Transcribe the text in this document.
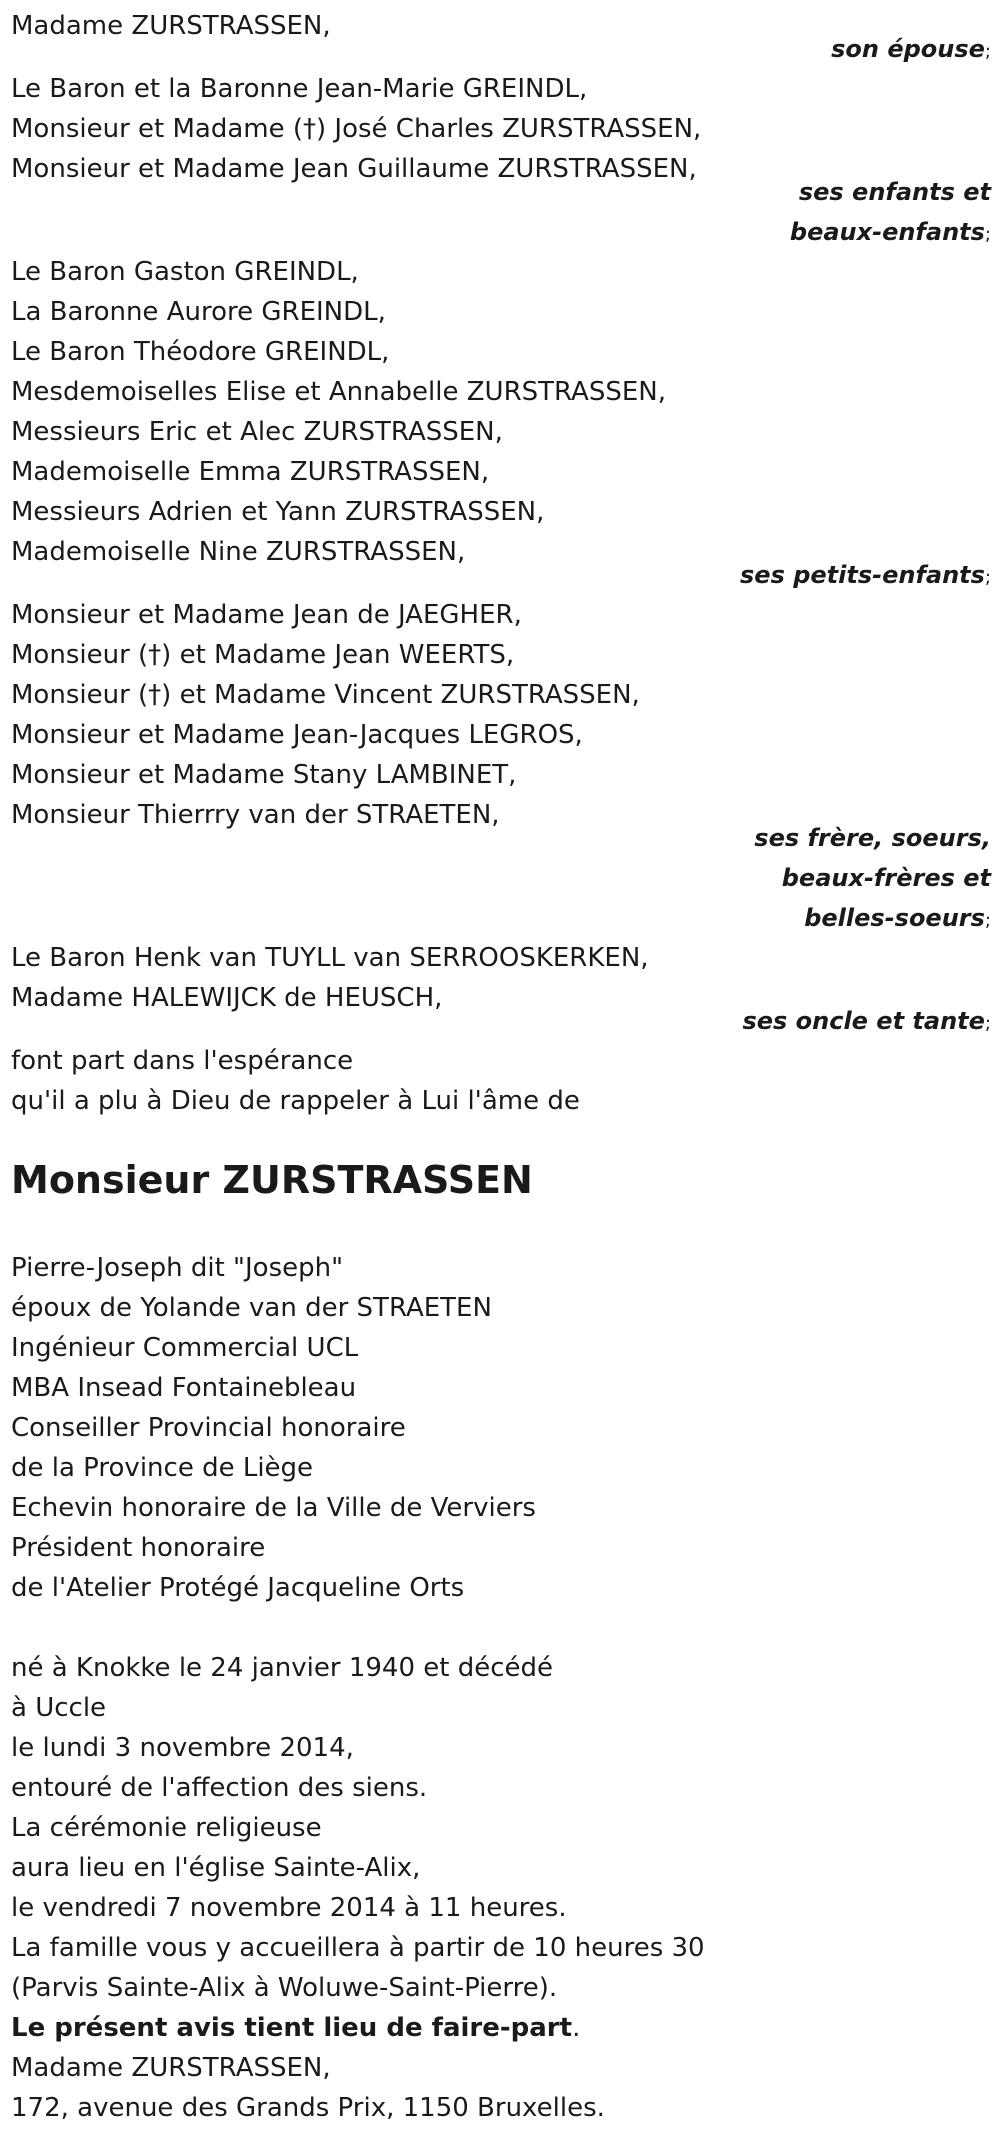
Madame ZURSTRASSEN,
son épouse;
Le Baron et la Baronne Jean-Marie GREINDL,
Monsieur et Madame (†) José Charles ZURSTRASSEN,
Monsieur et Madame Jean Guillaume ZURSTRASSEN,
ses enfants et
beaux-enfants;
Le Baron Gaston GREINDL,
La Baronne Aurore GREINDL,
Le Baron Théodore GREINDL,
Mesdemoiselles Elise et Annabelle ZURSTRASSEN,
Messieurs Eric et Alec ZURSTRASSEN,
Mademoiselle Emma ZURSTRASSEN,
Messieurs Adrien et Yann ZURSTRASSEN,
Mademoiselle Nine ZURSTRASSEN,
ses petits-enfants;
Monsieur et Madame Jean de JAEGHER,
Monsieur (†) et Madame Jean WEERTS,
Monsieur (†) et Madame Vincent ZURSTRASSEN,
Monsieur et Madame Jean-Jacques LEGROS,
Monsieur et Madame Stany LAMBINET,
Monsieur Thierrry van der STRAETEN,
ses frère, soeurs,
beaux-frères et
belles-soeurs;
Le Baron Henk van TUYLL van SERROOSKERKEN,
Madame HALEWIJCK de HEUSCH,
ses oncle et tante;
font part dans l'espérance
qu'il a plu à Dieu de rappeler à Lui l'âme de
Monsieur ZURSTRASSEN
Pierre-Joseph dit "Joseph"
époux de Yolande van der STRAETEN
Ingénieur Commercial UCL
MBA Insead Fontainebleau
Conseiller Provincial honoraire
de la Province de Liège
Echevin honoraire de la Ville de Verviers
Président honoraire
de l'Atelier Protégé Jacqueline Orts
né à Knokke le 24 janvier 1940 et décédé
à Uccle
le lundi 3 novembre 2014,
entouré de l'affection des siens.
La cérémonie religieuse
aura lieu en l'église Sainte-Alix,
le vendredi 7 novembre 2014 à 11 heures.
La famille vous y accueillera à partir de 10 heures 30
(Parvis Sainte-Alix à Woluwe-Saint-Pierre).
Le présent avis tient lieu de faire-part.
Madame ZURSTRASSEN,
172, avenue des Grands Prix, 1150 Bruxelles.
